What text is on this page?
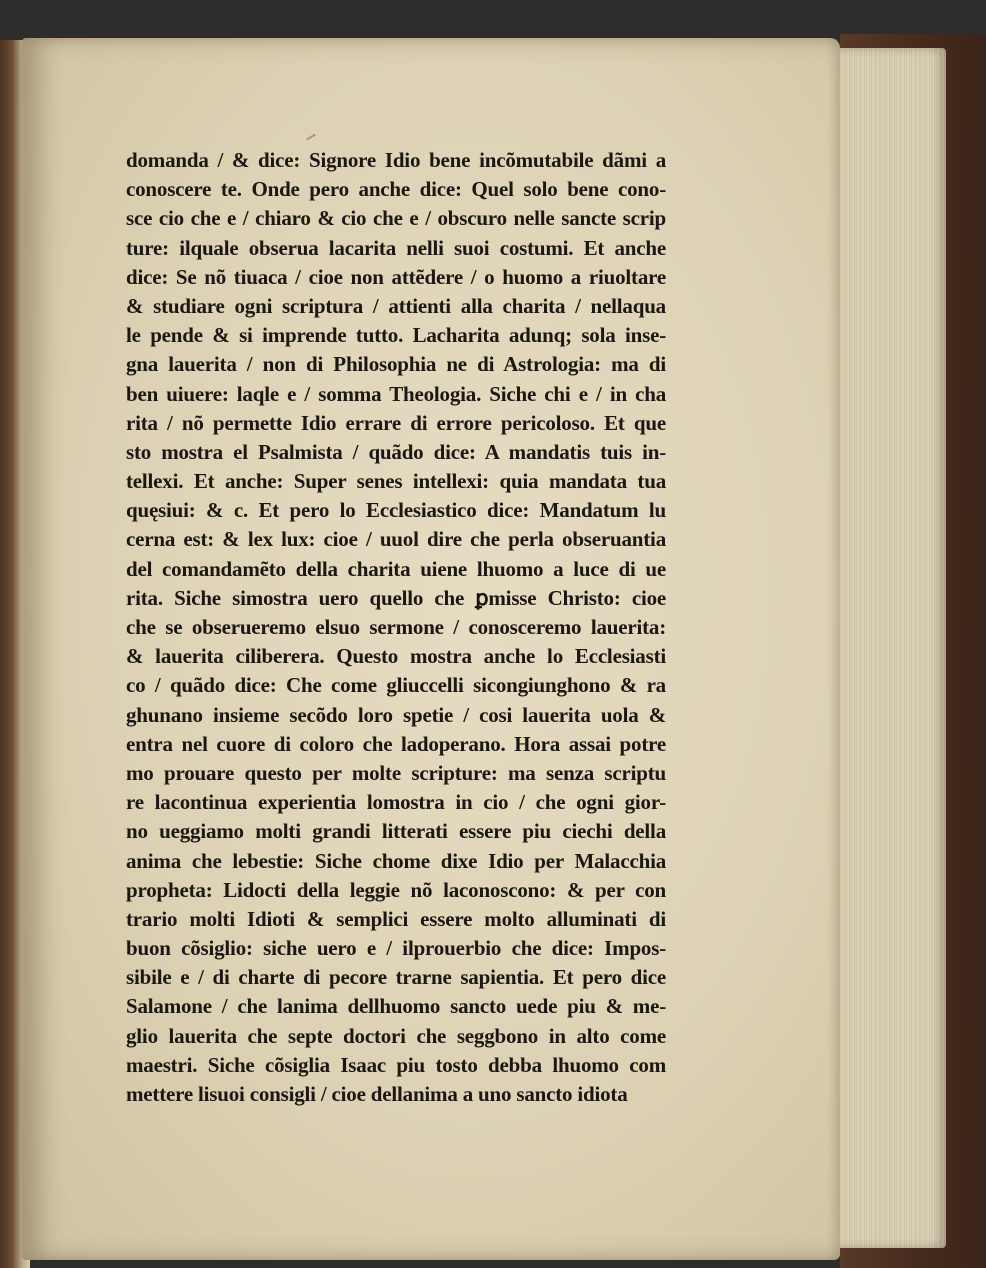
domanda / & dice: Signore Idio bene incõmutabile dãmi a
conoscere te. Onde pero anche dice: Quel solo bene cono-
sce cio che e / chiaro & cio che e / obscuro nelle sancte scrip
ture: ilquale obserua lacarita nelli suoi costumi. Et anche
dice: Se nõ tiuaca / cioe non attẽdere / o huomo a riuoltare
& studiare ogni scriptura / attienti alla charita / nellaqua
le pende & si imprende tutto. Lacharita adunq; sola inse-
gna lauerita / non di Philosophia ne di Astrologia: ma di
ben uiuere: laqle e / somma Theologia. Siche chi e / in cha
rita / nõ permette Idio errare di errore pericoloso. Et que
sto mostra el Psalmista / quãdo dice: A mandatis tuis in-
tellexi. Et anche: Super senes intellexi: quia mandata tua
quęsiui: & c. Et pero lo Ecclesiastico dice: Mandatum lu
cerna est: & lex lux: cioe / uuol dire che perla obseruantia
del comandamẽto della charita uiene lhuomo a luce di ue
rita. Siche simostra uero quello che ꝑmisse Christo: cioe
che se obserueremo elsuo sermone / conosceremo lauerita:
& lauerita ciliberera. Questo mostra anche lo Ecclesiasti
co / quãdo dice: Che come gliuccelli sicongiunghono & ra
ghunano insieme secõdo loro spetie / cosi lauerita uola &
entra nel cuore di coloro che ladoperano. Hora assai potre
mo prouare questo per molte scripture: ma senza scriptu
re lacontinua experientia lomostra in cio / che ogni gior-
no ueggiamo molti grandi litterati essere piu ciechi della
anima che lebestie: Siche chome dixe Idio per Malacchia
propheta: Lidocti della leggie nõ laconoscono: & per con
trario molti Idioti & semplici essere molto alluminati di
buon cõsiglio: siche uero e / ilprouerbio che dice: Impos-
sibile e / di charte di pecore trarne sapientia. Et pero dice
Salamone / che lanima dellhuomo sancto uede piu & me-
glio lauerita che septe doctori che seggbono in alto come
maestri. Siche cõsiglia Isaac piu tosto debba lhuomo com
mettere lisuoi consigli / cioe dellanima a uno sancto idiota
